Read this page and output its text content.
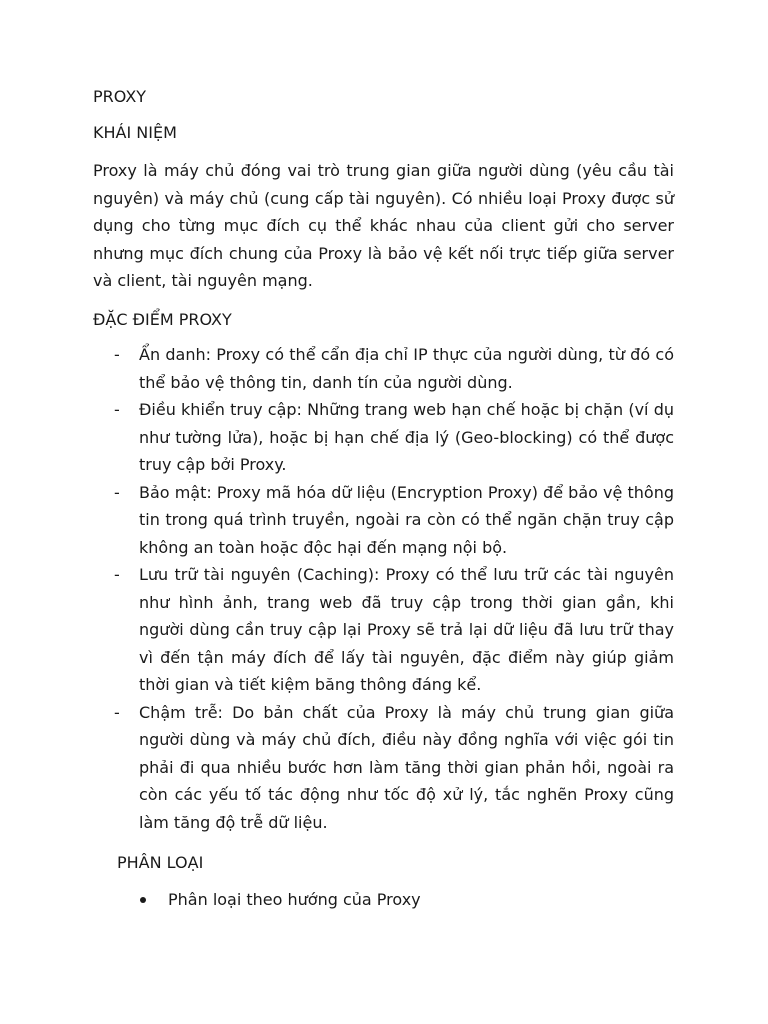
PROXY
KHÁI NIỆM

Proxy là máy chủ đóng vai trò trung gian giữa người dùng (yêu cầu tài nguyên) và máy chủ (cung cấp tài nguyên). Có nhiều loại Proxy được sử dụng cho từng mục đích cụ thể khác nhau của client gửi cho server nhưng mục đích chung của Proxy là bảo vệ kết nối trực tiếp giữa server và client, tài nguyên mạng.

ĐẶC ĐIỂM PROXY
- Ẩn danh: Proxy có thể cẩn địa chỉ IP thực của người dùng, từ đó có thể bảo vệ thông tin, danh tín của người dùng.
- Điều khiển truy cập: Những trang web hạn chế hoặc bị chặn (ví dụ như tường lửa), hoặc bị hạn chế địa lý (Geo-blocking) có thể được truy cập bởi Proxy.
- Bảo mật: Proxy mã hóa dữ liệu (Encryption Proxy) để bảo vệ thông tin trong quá trình truyền, ngoài ra còn có thể ngăn chặn truy cập không an toàn hoặc độc hại đến mạng nội bộ.
- Lưu trữ tài nguyên (Caching): Proxy có thể lưu trữ các tài nguyên như hình ảnh, trang web đã truy cập trong thời gian gần, khi người dùng cần truy cập lại Proxy sẽ trả lại dữ liệu đã lưu trữ thay vì đến tận máy đích để lấy tài nguyên, đặc điểm này giúp giảm thời gian và tiết kiệm băng thông đáng kể.
- Chậm trễ: Do bản chất của Proxy là máy chủ trung gian giữa người dùng và máy chủ đích, điều này đồng nghĩa với việc gói tin phải đi qua nhiều bước hơn làm tăng thời gian phản hồi, ngoài ra còn các yếu tố tác động như tốc độ xử lý, tắc nghẽn Proxy cũng làm tăng độ trễ dữ liệu.
PHÂN LOẠI
Phân loại theo hướng của Proxy
